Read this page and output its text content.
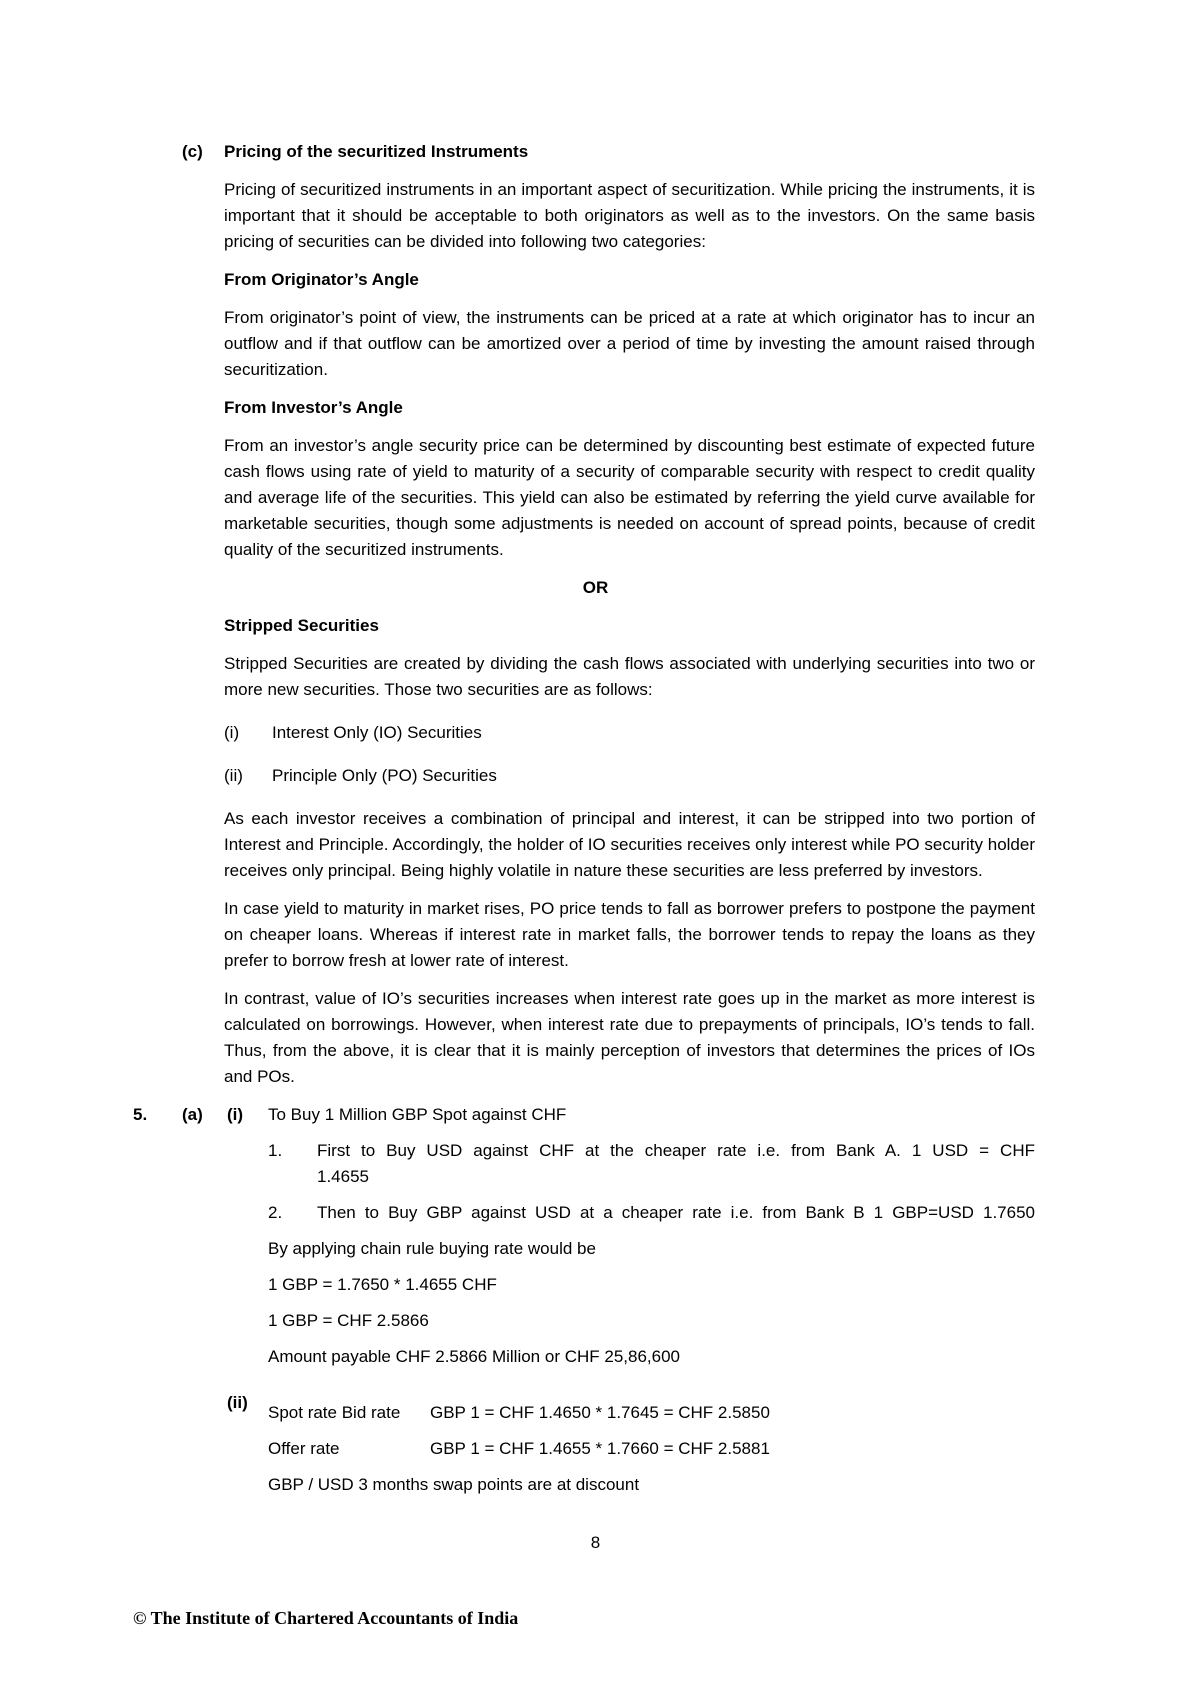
(c)	Pricing of the securitized Instruments

Pricing of securitized instruments in an important aspect of securitization. While pricing the instruments, it is important that it should be acceptable to both originators as well as to the investors. On the same basis pricing of securities can be divided into following two categories:

From Originator’s Angle

From originator’s point of view, the instruments can be priced at a rate at which originator has to incur an outflow and if that outflow can be amortized over a period of time by investing the amount raised through securitization.

From Investor’s Angle

From an investor’s angle security price can be determined by discounting best estimate of expected future cash flows using rate of yield to maturity of a security of comparable security with respect to credit quality and average life of the securities. This yield can also be estimated by referring the yield curve available for marketable securities, though some adjustments is needed on account of spread points, because of credit quality of the securitized instruments.

OR

Stripped Securities

Stripped Securities are created by dividing the cash flows associated with underlying securities into two or more new securities. Those two securities are as follows:

(i)	Interest Only (IO) Securities
(ii)	Principle Only (PO) Securities

As each investor receives a combination of principal and interest, it can be stripped into two portion of Interest and Principle. Accordingly, the holder of IO securities receives only interest while PO security holder receives only principal. Being highly volatile in nature these securities are less preferred by investors.

In case yield to maturity in market rises, PO price tends to fall as borrower prefers to postpone the payment on cheaper loans. Whereas if interest rate in market falls, the borrower tends to repay the loans as they prefer to borrow fresh at lower rate of interest.

In contrast, value of IO’s securities increases when interest rate goes up in the market as more interest is calculated on borrowings. However, when interest rate due to prepayments of principals, IO’s tends to fall. Thus, from the above, it is clear that it is mainly perception of investors that determines the prices of IOs and POs.

5.	(a)	(i)	To Buy 1 Million GBP Spot against CHF
1.	First to Buy USD against CHF at the cheaper rate i.e. from Bank A. 1 USD = CHF
1.4655
2.	Then to Buy GBP against USD at a cheaper rate i.e. from Bank B 1 GBP=USD 1.7650
By applying chain rule buying rate would be
1 GBP = 1.7650 * 1.4655 CHF
1 GBP = CHF 2.5866
Amount payable CHF 2.5866 Million or CHF 25,86,600
(ii)
Spot rate Bid rate	GBP 1 = CHF 1.4650 * 1.7645 = CHF 2.5850
Offer rate	GBP 1 = CHF 1.4655 * 1.7660 = CHF 2.5881
GBP / USD 3 months swap points are at discount
8
© The Institute of Chartered Accountants of India
